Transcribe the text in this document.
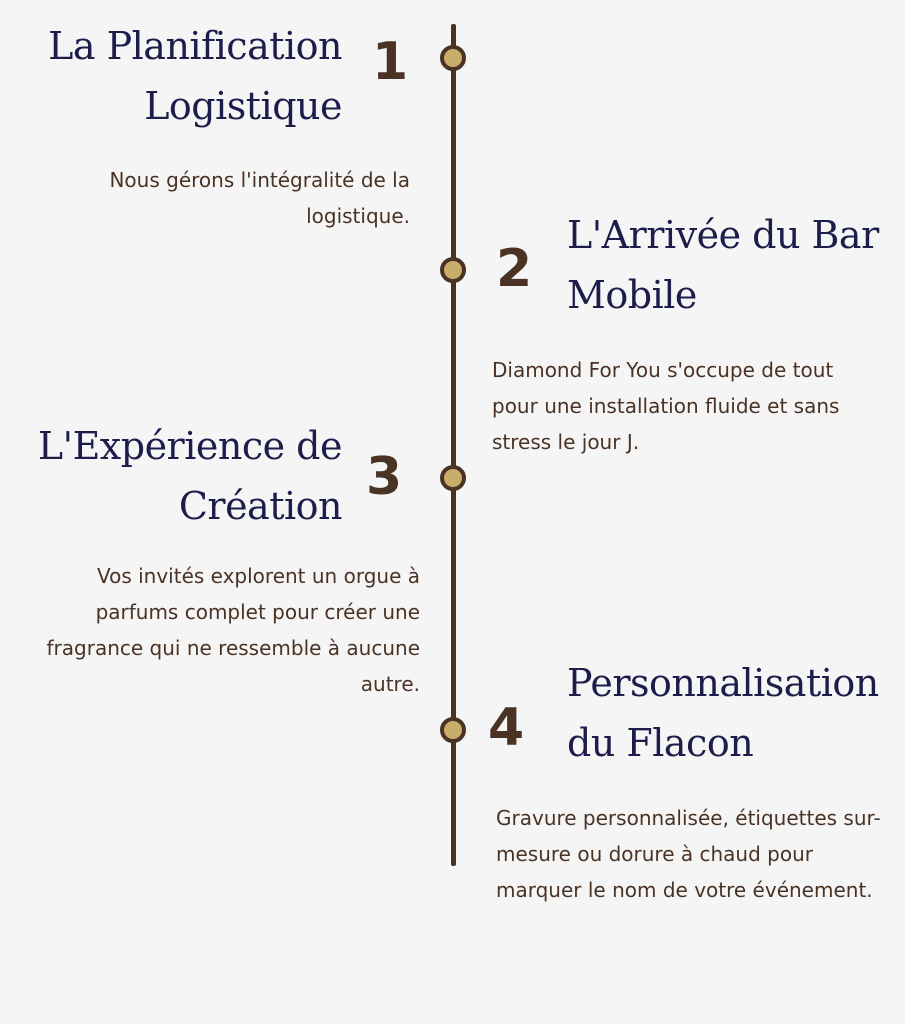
1
La Planification Logistique
Nous gérons l'intégralité de la logistique.
2
L'Arrivée du Bar Mobile
Diamond For You s'occupe de tout pour une installation fluide et sans stress le jour J.
3
L'Expérience de Création
Vos invités explorent un orgue à parfums complet pour créer une fragrance qui ne ressemble à aucune autre.
4
Personnalisation du Flacon
Gravure personnalisée, étiquettes sur-mesure ou dorure à chaud pour marquer le nom de votre événement.
